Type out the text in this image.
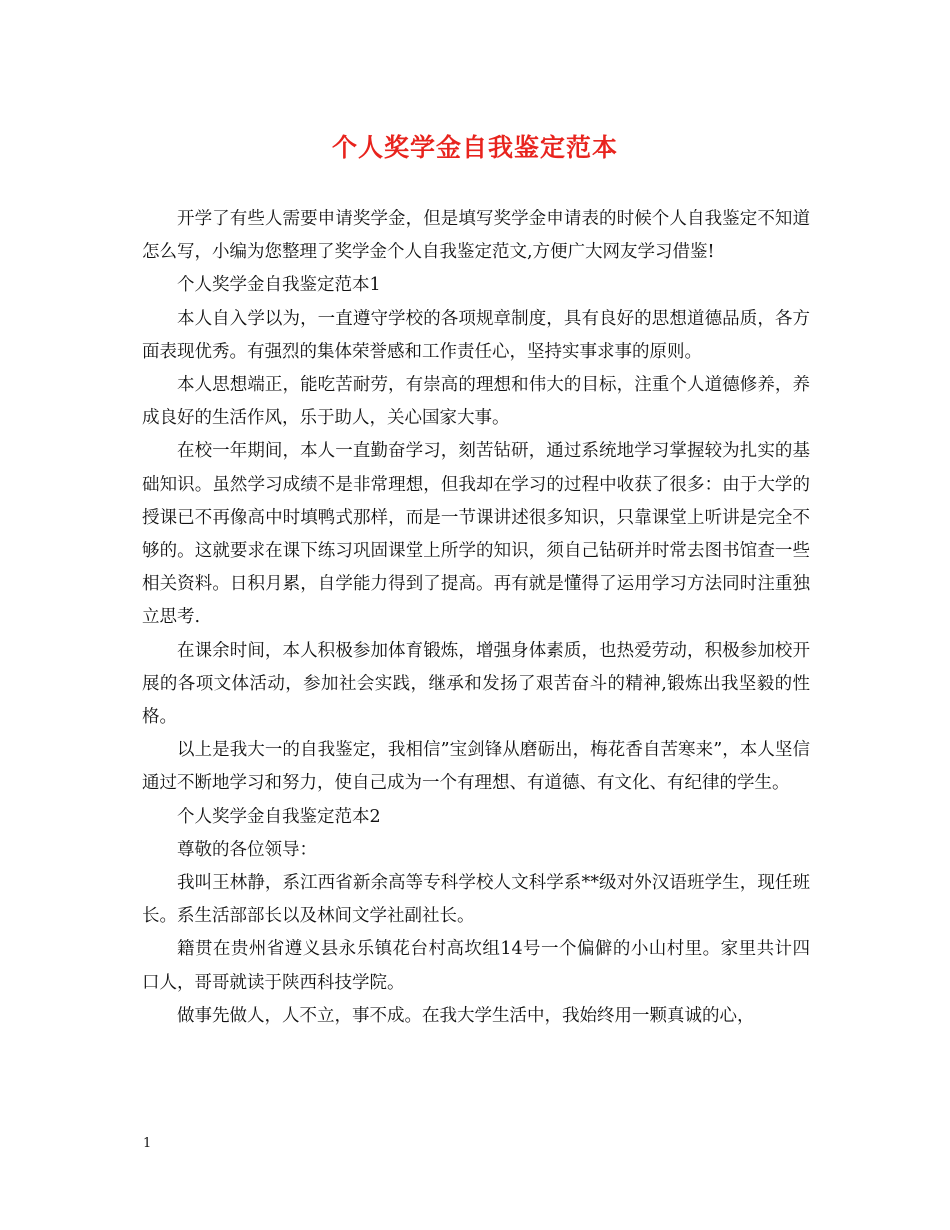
个人奖学金自我鉴定范本

开学了有些人需要申请奖学金，但是填写奖学金申请表的时候个人自我鉴定不知道怎么写，小编为您整理了奖学金个人自我鉴定范文,方便广大网友学习借鉴!

个人奖学金自我鉴定范本1

本人自入学以为，一直遵守学校的各项规章制度，具有良好的思想道德品质，各方面表现优秀。有强烈的集体荣誉感和工作责任心，坚持实事求事的原则。

本人思想端正，能吃苦耐劳，有崇高的理想和伟大的目标，注重个人道德修养，养成良好的生活作风，乐于助人，关心国家大事。

在校一年期间，本人一直勤奋学习，刻苦钻研，通过系统地学习掌握较为扎实的基础知识。虽然学习成绩不是非常理想，但我却在学习的过程中收获了很多：由于大学的授课已不再像高中时填鸭式那样，而是一节课讲述很多知识，只靠课堂上听讲是完全不够的。这就要求在课下练习巩固课堂上所学的知识，须自己钻研并时常去图书馆查一些相关资料。日积月累，自学能力得到了提高。再有就是懂得了运用学习方法同时注重独立思考.

在课余时间，本人积极参加体育锻炼，增强身体素质，也热爱劳动，积极参加校开展的各项文体活动，参加社会实践，继承和发扬了艰苦奋斗的精神,锻炼出我坚毅的性格。

以上是我大一的自我鉴定，我相信”宝剑锋从磨砺出，梅花香自苦寒来”，本人坚信通过不断地学习和努力，使自己成为一个有理想、有道德、有文化、有纪律的学生。

个人奖学金自我鉴定范本2

尊敬的各位领导：

我叫王林静，系江西省新余高等专科学校人文科学系**级对外汉语班学生，现任班长。系生活部部长以及林间文学社副社长。

籍贯在贵州省遵义县永乐镇花台村高坎组14号一个偏僻的小山村里。家里共计四口人，哥哥就读于陕西科技学院。

做事先做人，人不立，事不成。在我大学生活中，我始终用一颗真诚的心，

1
